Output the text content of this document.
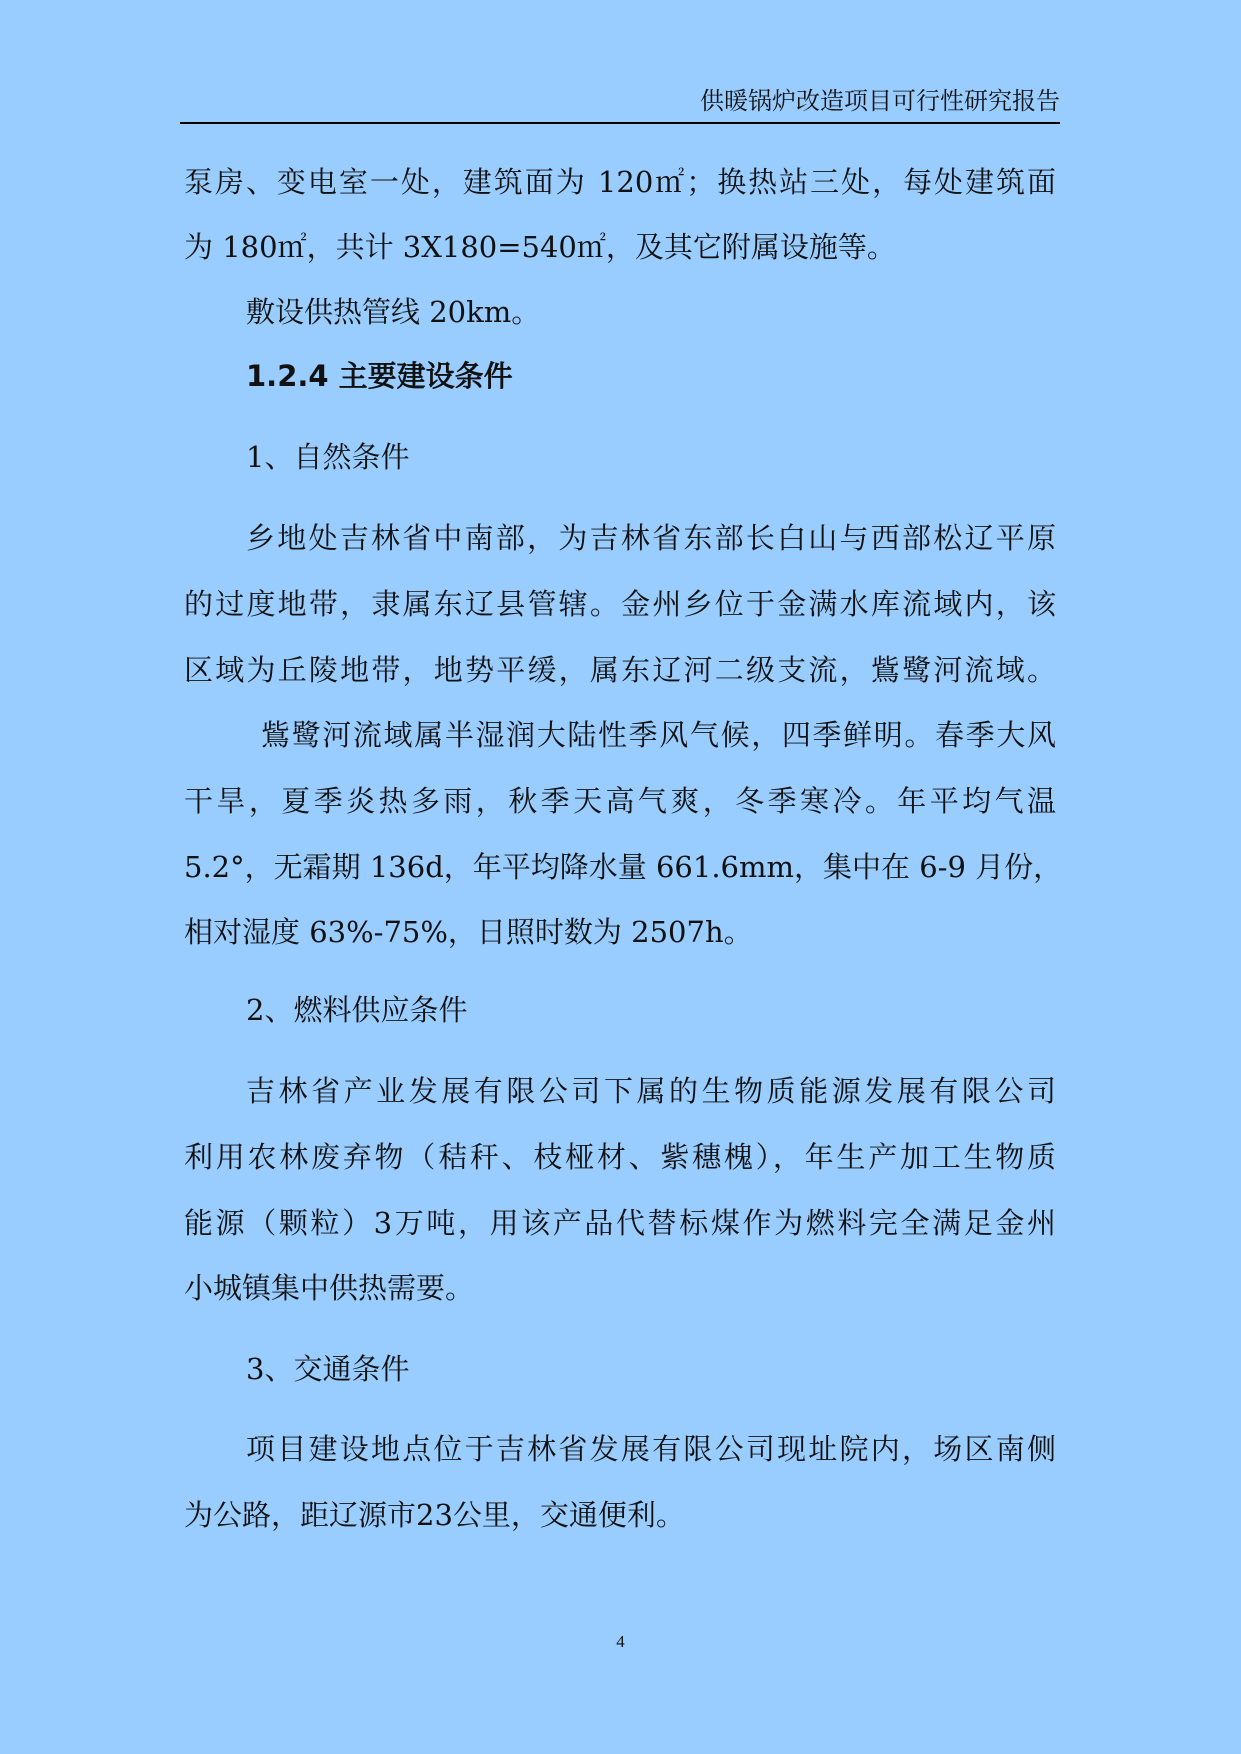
供暖锅炉改造项目可行性研究报告
泵房、变电室一处，建筑面为 120㎡；换热站三处，每处建筑面
为 180㎡，共计 3X180=540㎡，及其它附属设施等。
敷设供热管线 20km。
1.2.4 主要建设条件
1、自然条件
乡地处吉林省中南部，为吉林省东部长白山与西部松辽平原
的过度地带，隶属东辽县管辖。金州乡位于金满水库流域内，该
区域为丘陵地带，地势平缓，属东辽河二级支流，鴜鹭河流域。
鴜鹭河流域属半湿润大陆性季风气候，四季鲜明。春季大风
干旱，夏季炎热多雨，秋季天高气爽，冬季寒冷。年平均气温
5.2°，无霜期 136d，年平均降水量 661.6mm，集中在 6-9 月份，
相对湿度 63%-75%，日照时数为 2507h。
2、燃料供应条件
吉林省产业发展有限公司下属的生物质能源发展有限公司
利用农林废弃物（秸秆、枝桠材、紫穗槐），年生产加工生物质
能源（颗粒）3万吨，用该产品代替标煤作为燃料完全满足金州
小城镇集中供热需要。
3、交通条件
项目建设地点位于吉林省发展有限公司现址院内，场区南侧
为公路，距辽源市23公里，交通便利。
4
